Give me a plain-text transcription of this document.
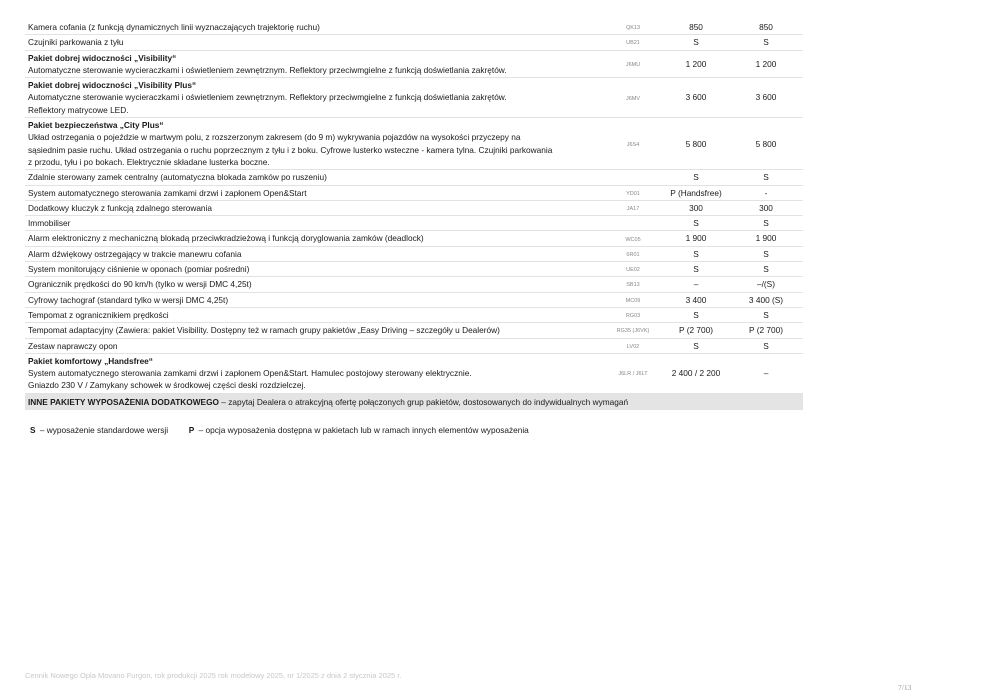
Kamera cofania (z funkcją dynamicznych linii wyznaczających trajektorię ruchu)	QK13	850	850
Czujniki parkowania z tyłu	UB21	S	S
Pakiet dobrej widoczności „Visibility“
Automatyczne sterowanie wycieraczkami i oświetleniem zewnętrznym. Reflektory przeciwmgielne z funkcją doświetlania zakrętów.	J6MU	1 200	1 200
Pakiet dobrej widoczności „Visibility Plus“
Automatyczne sterowanie wycieraczkami i oświetleniem zewnętrznym. Reflektory przeciwmgielne z funkcją doświetlania zakrętów.
Reflektory matrycowe LED.
J6MV	3 600	3 600
Pakiet bezpieczeństwa „City Plus“
Układ ostrzegania o pojeździe w martwym polu, z rozszerzonym zakresem (do 9 m) wykrywania pojazdów na wysokości przyczepy na
sąsiednim pasie ruchu. Układ ostrzegania o ruchu poprzecznym z tyłu i z boku. Cyfrowe lusterko wsteczne - kamera tylna. Czujniki parkowania
z przodu, tyłu i po bokach. Elektrycznie składane lusterka boczne.
J6S4	5 800	5 800
Zdalnie sterowany zamek centralny (automatyczna blokada zamków po ruszeniu)	S	S
System automatycznego sterowania zamkami drzwi i zapłonem Open&Start	YD01	P (Handsfree)	-
Dodatkowy kluczyk z funkcją zdalnego sterowania	JA17	300	300
Immobiliser	S	S
Alarm elektroniczny z mechaniczną blokadą przeciwkradzieżową i funkcją doryglowania zamków (deadlock)	WC05	1 900	1 900
Alarm dźwiękowy ostrzegający w trakcie manewru cofania	6R01	S	S
System monitorujący ciśnienie w oponach (pomiar pośredni)	UE02	S	S
Ogranicznik prędkości do 90 km/h (tylko w wersji DMC 4,25t)	SB13	–	–/(S)
Cyfrowy tachograf (standard tylko w wersji DMC 4,25t)	MC09	3 400	3 400 (S)
Tempomat z ogranicznikiem prędkości	RG03	S	S
Tempomat adaptacyjny (Zawiera: pakiet Visibility. Dostępny też w ramach grupy pakietów „Easy Driving – szczegóły u Dealerów)	RG35 (J6VK)	P (2 700)	P (2 700)
Zestaw naprawczy opon	LV02	S	S
Pakiet komfortowy „Handsfree“
System automatycznego sterowania zamkami drzwi i zapłonem Open&Start. Hamulec postojowy sterowany elektrycznie.
Gniazdo 230 V / Zamykany schowek w środkowej części deski rozdzielczej.
J6LR / J6LT	2 400 / 2 200	–
INNE PAKIETY WYPOSAŻENIA DODATKOWEGO – zapytaj Dealera o atrakcyjną ofertę połączonych grup pakietów, dostosowanych do indywidualnych wymagań
S – wyposażenie standardowe wersji P – opcja wyposażenia dostępna w pakietach lub w ramach innych elementów wyposażenia
Cennik Nowego Opla Movano Furgon, rok produkcji 2025 rok modelowy 2025, nr 1/2025 z dnia 2 stycznia 2025 r.
7/13
